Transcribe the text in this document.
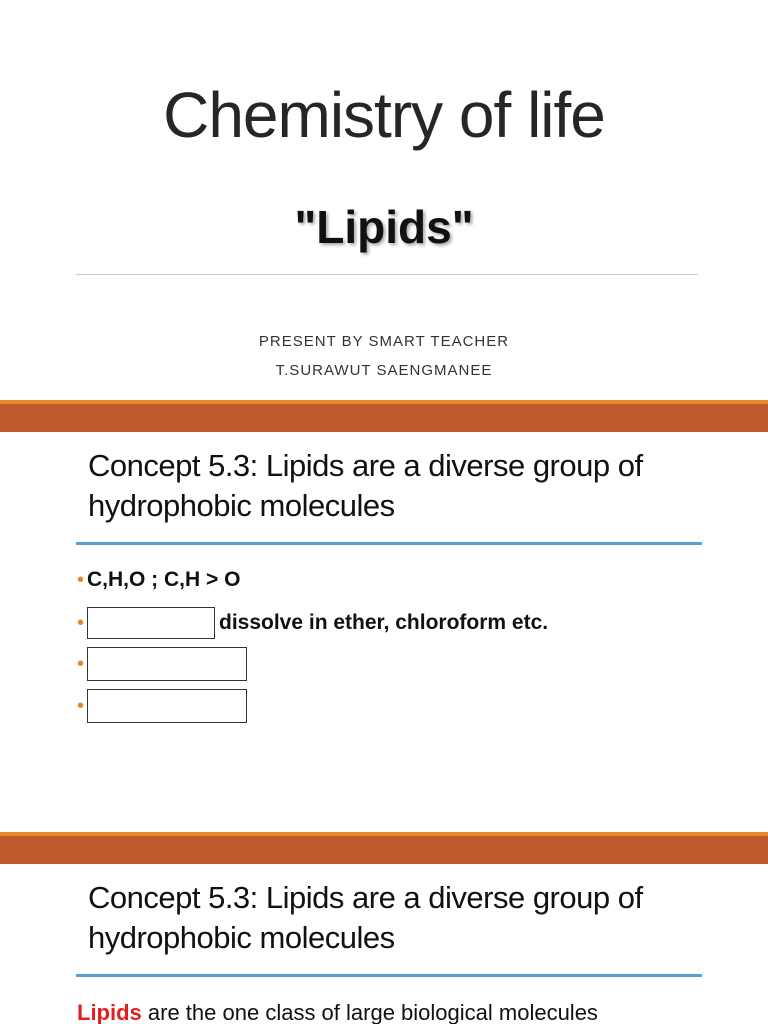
Chemistry of life
"Lipids"
PRESENT BY SMART TEACHER
T.SURAWUT SAENGMANEE
Concept 5.3: Lipids are a diverse group of hydrophobic molecules
• C,H,O ; C,H > O
•	dissolve in ether, chloroform etc.
•
•
Concept 5.3: Lipids are a diverse group of hydrophobic molecules
Lipids are the one class of large biological molecules
